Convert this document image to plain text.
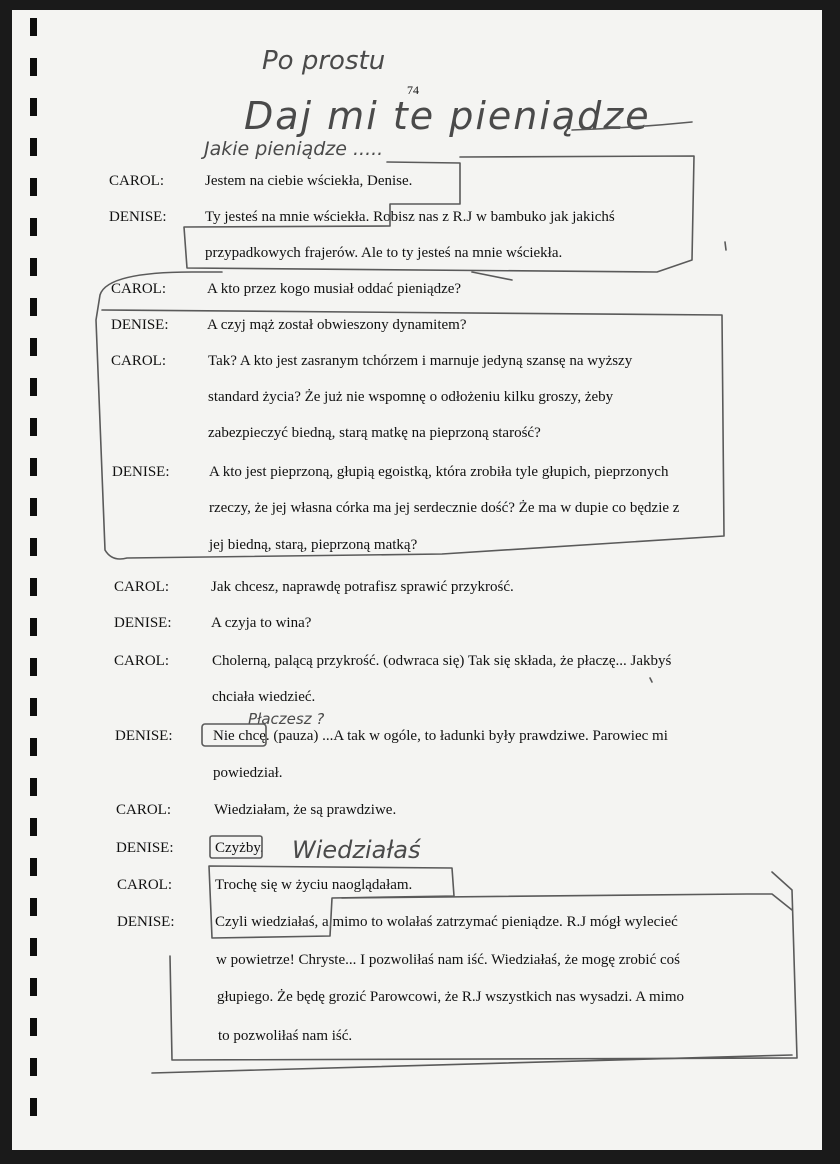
Po prostu
74
Daj mi te pieniądze
Jakie pieniądze .....
Płaczesz ?
Wiedziałaś
CAROL:	Jestem na ciebie wściekła, Denise.
DENISE:	Ty jesteś na mnie wściekła. Robisz nas z R.J w bambuko jak jakichś
przypadkowych frajerów. Ale to ty jesteś na mnie wściekła.
CAROL:	A kto przez kogo musiał oddać pieniądze?
DENISE:	A czyj mąż został obwieszony dynamitem?
CAROL:	Tak? A kto jest zasranym tchórzem i marnuje jedyną szansę na wyższy
standard życia? Że już nie wspomnę o odłożeniu kilku groszy, żeby
zabezpieczyć biedną, starą matkę na pieprzoną starość?
DENISE:	A kto jest pieprzoną, głupią egoistką, która zrobiła tyle głupich, pieprzonych
rzeczy, że jej własna córka ma jej serdecznie dość? Że ma w dupie co będzie z
jej biedną, starą, pieprzoną matką?
CAROL:	Jak chcesz, naprawdę potrafisz sprawić przykrość.
DENISE:	A czyja to wina?
CAROL:	Cholerną, palącą przykrość. (odwraca się) Tak się składa, że płaczę... Jakbyś
chciała wiedzieć.
DENISE:	Nie chcę. (pauza) ...A tak w ogóle, to ładunki były prawdziwe. Parowiec mi
powiedział.
CAROL:	Wiedziałam, że są prawdziwe.
DENISE:	Czyżby.
CAROL:	Trochę się w życiu naoglądałam.
DENISE:	Czyli wiedziałaś, a mimo to wolałaś zatrzymać pieniądze. R.J mógł wylecieć
w powietrze! Chryste... I pozwoliłaś nam iść. Wiedziałaś, że mogę zrobić coś
głupiego. Że będę grozić Parowcowi, że R.J wszystkich nas wysadzi. A mimo
to pozwoliłaś nam iść.
